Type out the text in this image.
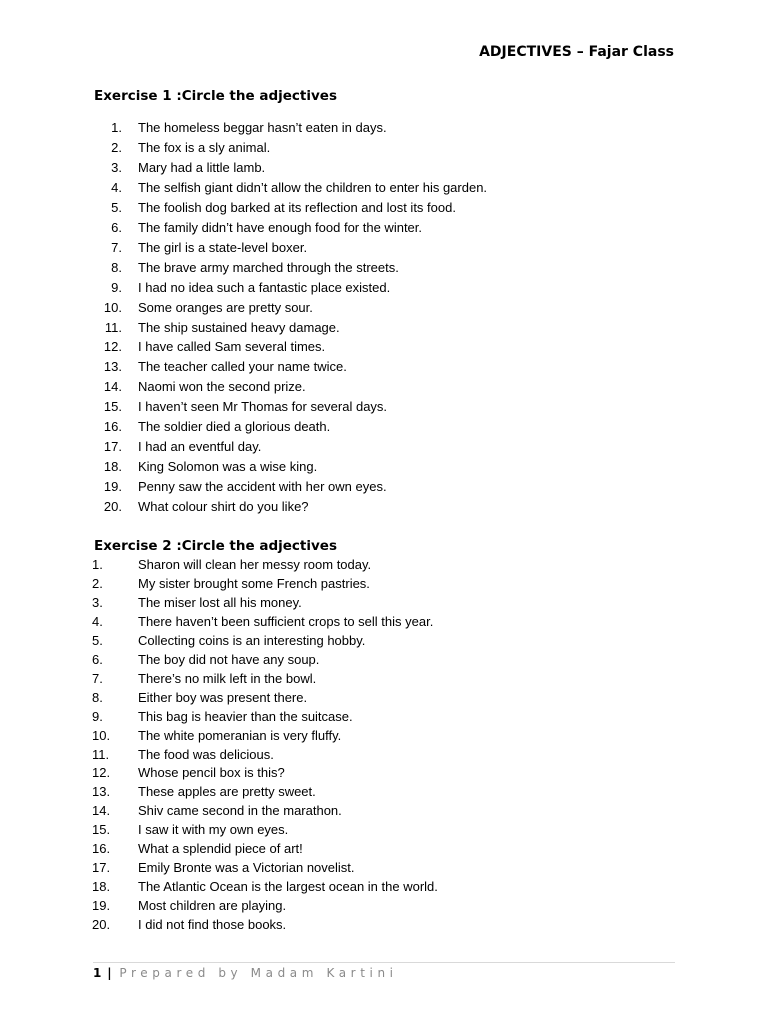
ADJECTIVES – Fajar Class
Exercise 1 :Circle the adjectives
1. The homeless beggar hasn’t eaten in days.
2. The fox is a sly animal.
3. Mary had a little lamb.
4. The selfish giant didn’t allow the children to enter his garden.
5. The foolish dog barked at its reflection and lost its food.
6. The family didn’t have enough food for the winter.
7. The girl is a state-level boxer.
8. The brave army marched through the streets.
9. I had no idea such a fantastic place existed.
10. Some oranges are pretty sour.
11. The ship sustained heavy damage.
12. I have called Sam several times.
13. The teacher called your name twice.
14. Naomi won the second prize.
15. I haven’t seen Mr Thomas for several days.
16. The soldier died a glorious death.
17. I had an eventful day.
18. King Solomon was a wise king.
19. Penny saw the accident with her own eyes.
20. What colour shirt do you like?
Exercise 2 :Circle the adjectives
1.	Sharon will clean her messy room today.
2.	My sister brought some French pastries.
3.	The miser lost all his money.
4.	There haven’t been sufficient crops to sell this year.
5.	Collecting coins is an interesting hobby.
6.	The boy did not have any soup.
7.	There’s no milk left in the bowl.
8.	Either boy was present there.
9.	This bag is heavier than the suitcase.
10.	The white pomeranian is very fluffy.
11.	The food was delicious.
12.	Whose pencil box is this?
13.	These apples are pretty sweet.
14.	Shiv came second in the marathon.
15.	I saw it with my own eyes.
16.	What a splendid piece of art!
17.	Emily Bronte was a Victorian novelist.
18.	The Atlantic Ocean is the largest ocean in the world.
19.	Most children are playing.
20.	I did not find those books.
1 | Prepared by Madam Kartini
